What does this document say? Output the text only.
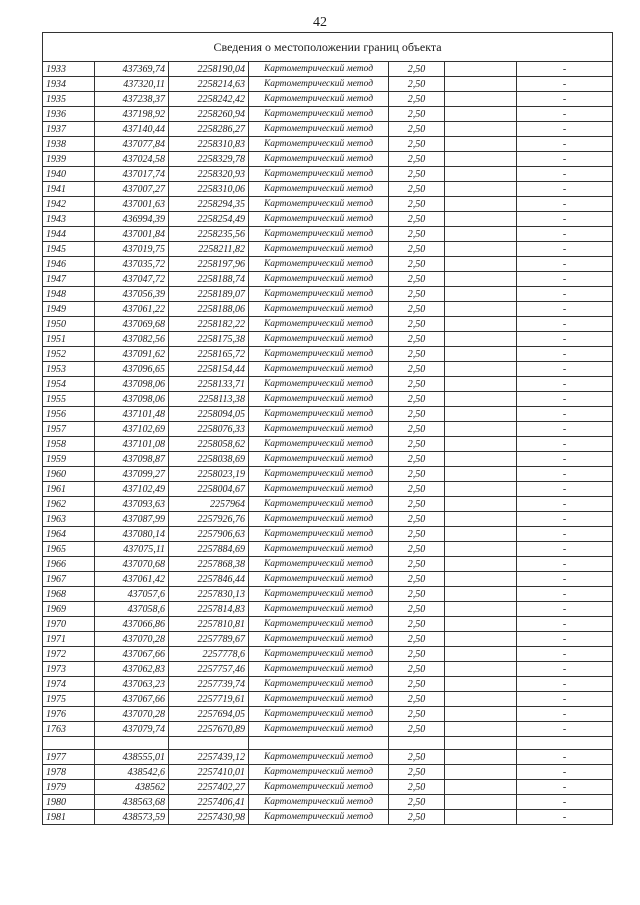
42
Сведения о местоположении границ объекта						
1933	437369,74	2258190,04	Картометрический метод	2,50		-
1934	437320,11	2258214,63	Картометрический метод	2,50		-
1935	437238,37	2258242,42	Картометрический метод	2,50		-
1936	437198,92	2258260,94	Картометрический метод	2,50		-
1937	437140,44	2258286,27	Картометрический метод	2,50		-
1938	437077,84	2258310,83	Картометрический метод	2,50		-
1939	437024,58	2258329,78	Картометрический метод	2,50		-
1940	437017,74	2258320,93	Картометрический метод	2,50		-
1941	437007,27	2258310,06	Картометрический метод	2,50		-
1942	437001,63	2258294,35	Картометрический метод	2,50		-
1943	436994,39	2258254,49	Картометрический метод	2,50		-
1944	437001,84	2258235,56	Картометрический метод	2,50		-
1945	437019,75	2258211,82	Картометрический метод	2,50		-
1946	437035,72	2258197,96	Картометрический метод	2,50		-
1947	437047,72	2258188,74	Картометрический метод	2,50		-
1948	437056,39	2258189,07	Картометрический метод	2,50		-
1949	437061,22	2258188,06	Картометрический метод	2,50		-
1950	437069,68	2258182,22	Картометрический метод	2,50		-
1951	437082,56	2258175,38	Картометрический метод	2,50		-
1952	437091,62	2258165,72	Картометрический метод	2,50		-
1953	437096,65	2258154,44	Картометрический метод	2,50		-
1954	437098,06	2258133,71	Картометрический метод	2,50		-
1955	437098,06	2258113,38	Картометрический метод	2,50		-
1956	437101,48	2258094,05	Картометрический метод	2,50		-
1957	437102,69	2258076,33	Картометрический метод	2,50		-
1958	437101,08	2258058,62	Картометрический метод	2,50		-
1959	437098,87	2258038,69	Картометрический метод	2,50		-
1960	437099,27	2258023,19	Картометрический метод	2,50		-
1961	437102,49	2258004,67	Картометрический метод	2,50		-
1962	437093,63	2257964	Картометрический метод	2,50		-
1963	437087,99	2257926,76	Картометрический метод	2,50		-
1964	437080,14	2257906,63	Картометрический метод	2,50		-
1965	437075,11	2257884,69	Картометрический метод	2,50		-
1966	437070,68	2257868,38	Картометрический метод	2,50		-
1967	437061,42	2257846,44	Картометрический метод	2,50		-
1968	437057,6	2257830,13	Картометрический метод	2,50		-
1969	437058,6	2257814,83	Картометрический метод	2,50		-
1970	437066,86	2257810,81	Картометрический метод	2,50		-
1971	437070,28	2257789,67	Картометрический метод	2,50		-
1972	437067,66	2257778,6	Картометрический метод	2,50		-
1973	437062,83	2257757,46	Картометрический метод	2,50		-
1974	437063,23	2257739,74	Картометрический метод	2,50		-
1975	437067,66	2257719,61	Картометрический метод	2,50		-
1976	437070,28	2257694,05	Картометрический метод	2,50		-
1763	437079,74	2257670,89	Картометрический метод	2,50		-

1977	438555,01	2257439,12	Картометрический метод	2,50		-
1978	438542,6	2257410,01	Картометрический метод	2,50		-
1979	438562	2257402,27	Картометрический метод	2,50		-
1980	438563,68	2257406,41	Картометрический метод	2,50		-
1981	438573,59	2257430,98	Картометрический метод	2,50		-
